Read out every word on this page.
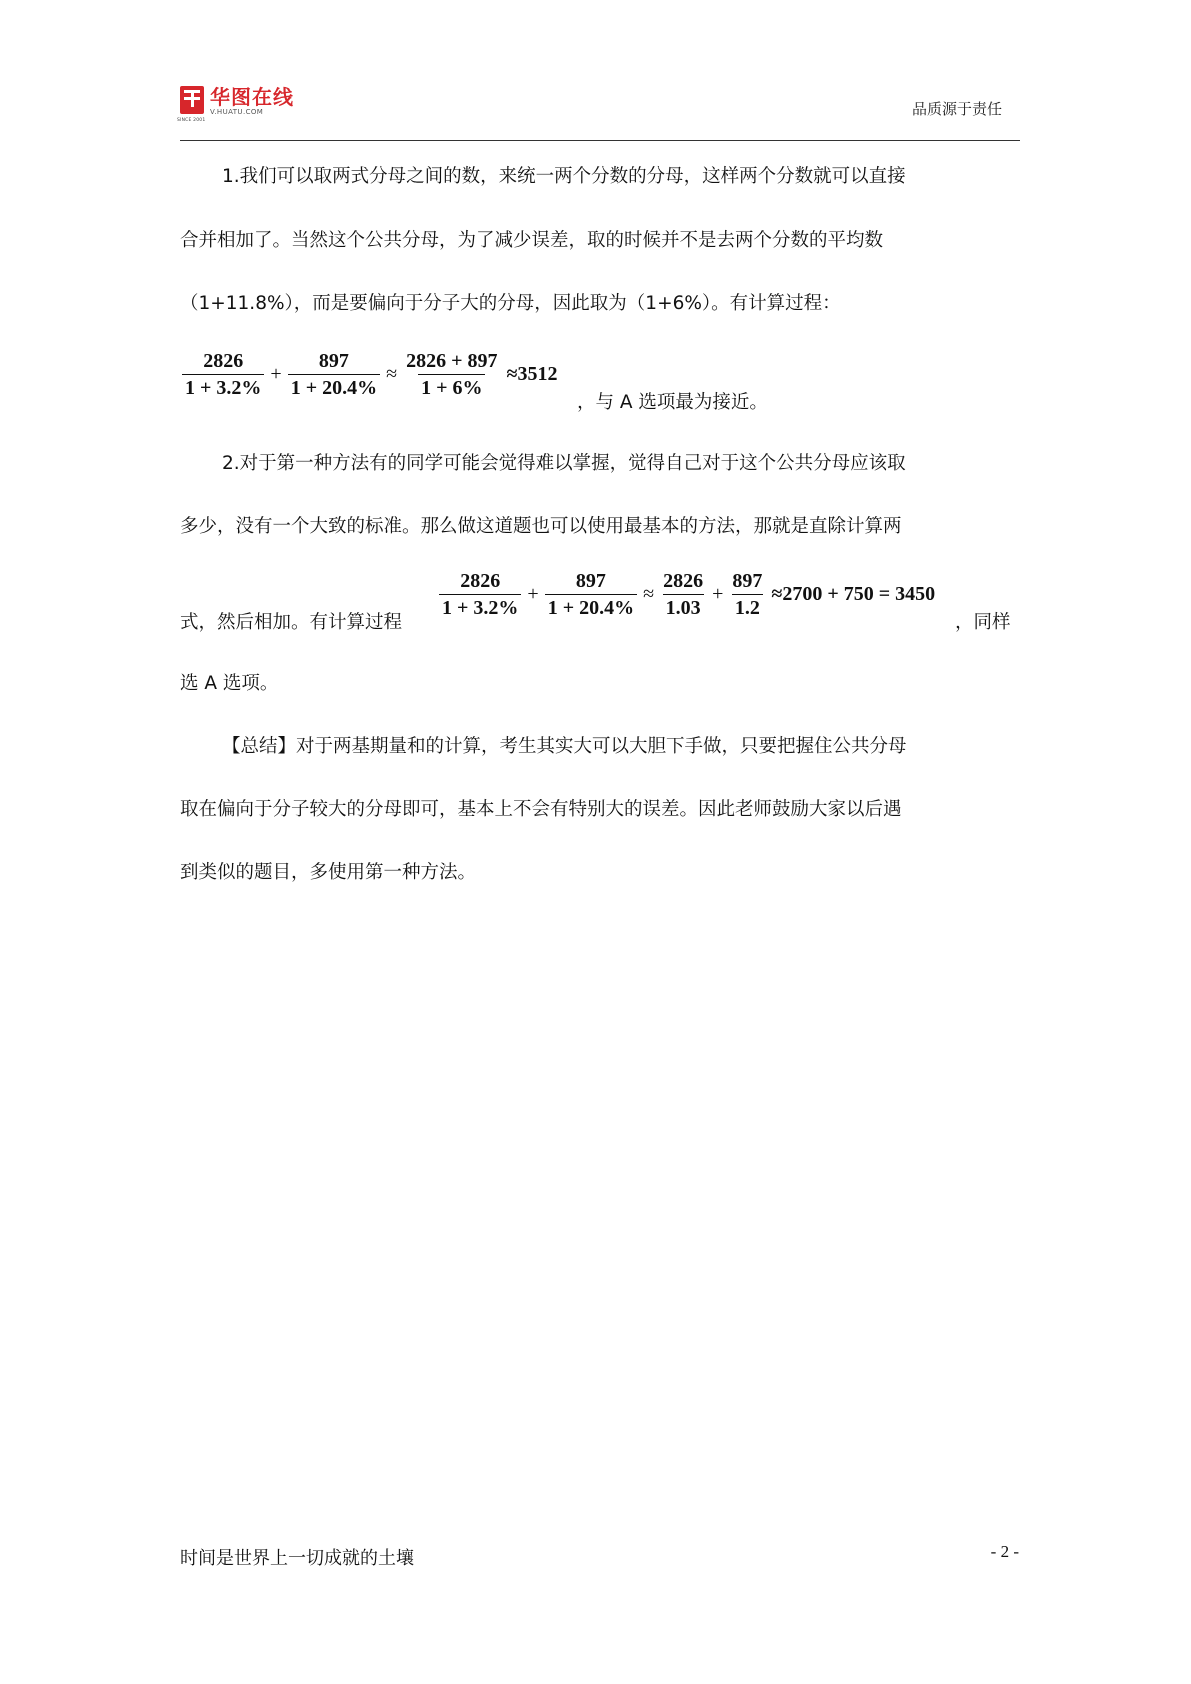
SINCE 2001
华图在线
V.HUATU.COM	品质源于责任
1.我们可以取两式分母之间的数，来统一两个分数的分母，这样两个分数就可以直接
合并相加了。当然这个公共分母，为了减少误差，取的时候并不是去两个分数的平均数
（1+11.8%），而是要偏向于分子大的分母，因此取为（1+6%）。有计算过程：
$\frac{2826}{1 + 3.2\%} + \frac{897}{1 + 20.4\%} \approx \frac{2826 + 897}{1 + 6\%} \approx 3512$
，与 A 选项最为接近。
2.对于第一种方法有的同学可能会觉得难以掌握，觉得自己对于这个公共分母应该取
多少，没有一个大致的标准。那么做这道题也可以使用最基本的方法，那就是直除计算两
式，然后相加。有计算过程
$\frac{2826}{1 + 3.2\%} + \frac{897}{1 + 20.4\%} \approx \frac{2826}{1.03} + \frac{897}{1.2} \approx 2700 + 750 = 3450$
，同样
选 A 选项。
【总结】对于两基期量和的计算，考生其实大可以大胆下手做，只要把握住公共分母
取在偏向于分子较大的分母即可，基本上不会有特别大的误差。因此老师鼓励大家以后遇
到类似的题目，多使用第一种方法。
时间是世界上一切成就的土壤	- 2 -
